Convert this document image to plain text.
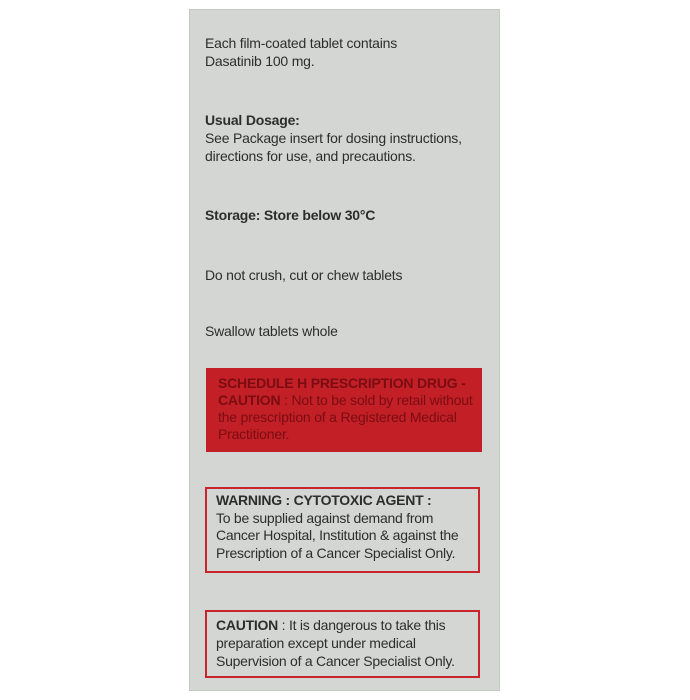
Each film-coated tablet contains
Dasatinib 100 mg.
Usual Dosage:
See Package insert for dosing instructions,
directions for use, and precautions.
Storage: Store below 30°C
Do not crush, cut or chew tablets
Swallow tablets whole
SCHEDULE H PRESCRIPTION DRUG -
CAUTION : Not to be sold by retail without
the prescription of a Registered Medical
Practitioner.
WARNING : CYTOTOXIC AGENT :
To be supplied against demand from
Cancer Hospital, Institution & against the
Prescription of a Cancer Specialist Only.
CAUTION : It is dangerous to take this
preparation except under medical
Supervision of a Cancer Specialist Only.
